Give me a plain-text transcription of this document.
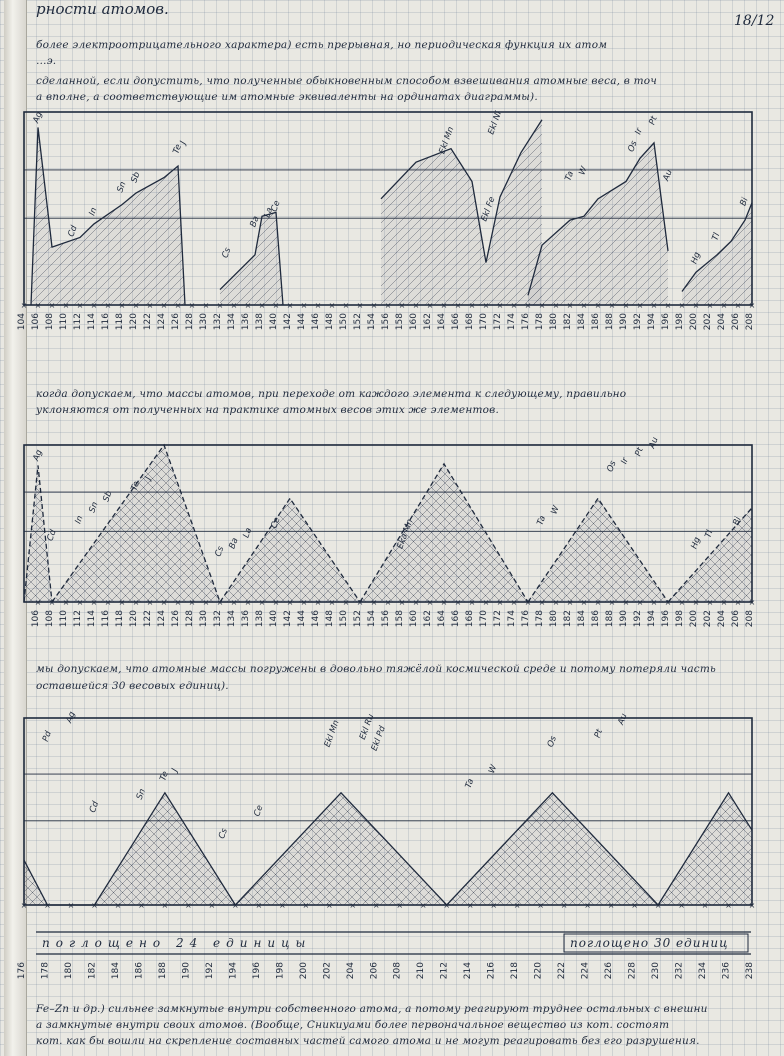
рности атомов.
18/12
более электроотрицательного характера) есть прерывная, но периодическая функция их атом
…э.
сделанной, если допустить, что полученные обыкновенным способом взвешивания атомные веса, в точ
а вполне, а соответствующие им атомные эквиваленты на ординатах диаграммы).
когда допускаем, что массы атомов, при переходе от каждого элемента к следующему, правильно
уклоняются от полученных на практике атомных весов этих же элементов.
мы допускаем, что атомные массы погружены в довольно тяжёлой космической среде и потому потеряли часть
оставшейся 30 весовых единиц).
× × × × × × × × × × × × × × × × × × × × × × × × × × × × × × × × × × × × × × × × × × × × × × × × × × × × ×
104 106 108 110 112 114 116 118 120 122 124 126 128 130 132 134 136 138 140 142 144 146 148 150 152 154 156 158 160 162 164 166 168 170 172 174 176 178 180 182 184 186 188 190 192 194 196 198 200 202 204 206 208
Ag
Cd
In
Sn
Sb
Te
J
Cs
Ba
La
Ce
Ekl Mn
Ekl Fe
Ekl Ni
Ta W
Os
Ir
Pt
Au
Hg
Tl
Bi
× × × × × × × × × × × × × × × × × × × × × × × × × × × × × × × × × × × × × × × × × × × × × × × × × × × ×
106 108 110 112 114 116 118 120 122 124 126 128 130 132 134 136 138 140 142 144 146 148 150 152 154 156 158 160 162 164 166 168 170 172 174 176 178 180 182 184 186 188 190 192 194 196 198 200 202 204 206 208
Ag
Cd
In
Sn
Sb
Te
J
Cs
Ba
La
Ce	Eka Mn	Ta
W
Os Ir
Pt
Au
Hg
Tl
Bi
× × × × × × × × × × × × × × × × × × × × × × × × × × × × × × × ×
Ag
Pd
Cd
Sn
Te
J
Cs
Ce
Ekl Mn Ekl Ru
Ekl Pd
Ta
W
Os
Pt
Au
поглощено 24 единицы	поглощено 30 единиц
176 178 180 182 184 186 188 190 192 194 196 198 200 202 204 206 208 210 212 214 216 218 220 222 224 226 228 230 232 234 236 238
Fe–Zn и др.) сильнее замкнутые внутри собственного атома, а потому реагируют труднее остальных с внешни
а замкнутые внутри своих атомов. (Вообще, Сникиуами более первоначальное вещество из кот. состоят
кот. как бы вошли на скрепление составных частей самого атома и не могут реагировать без его разрушения.
